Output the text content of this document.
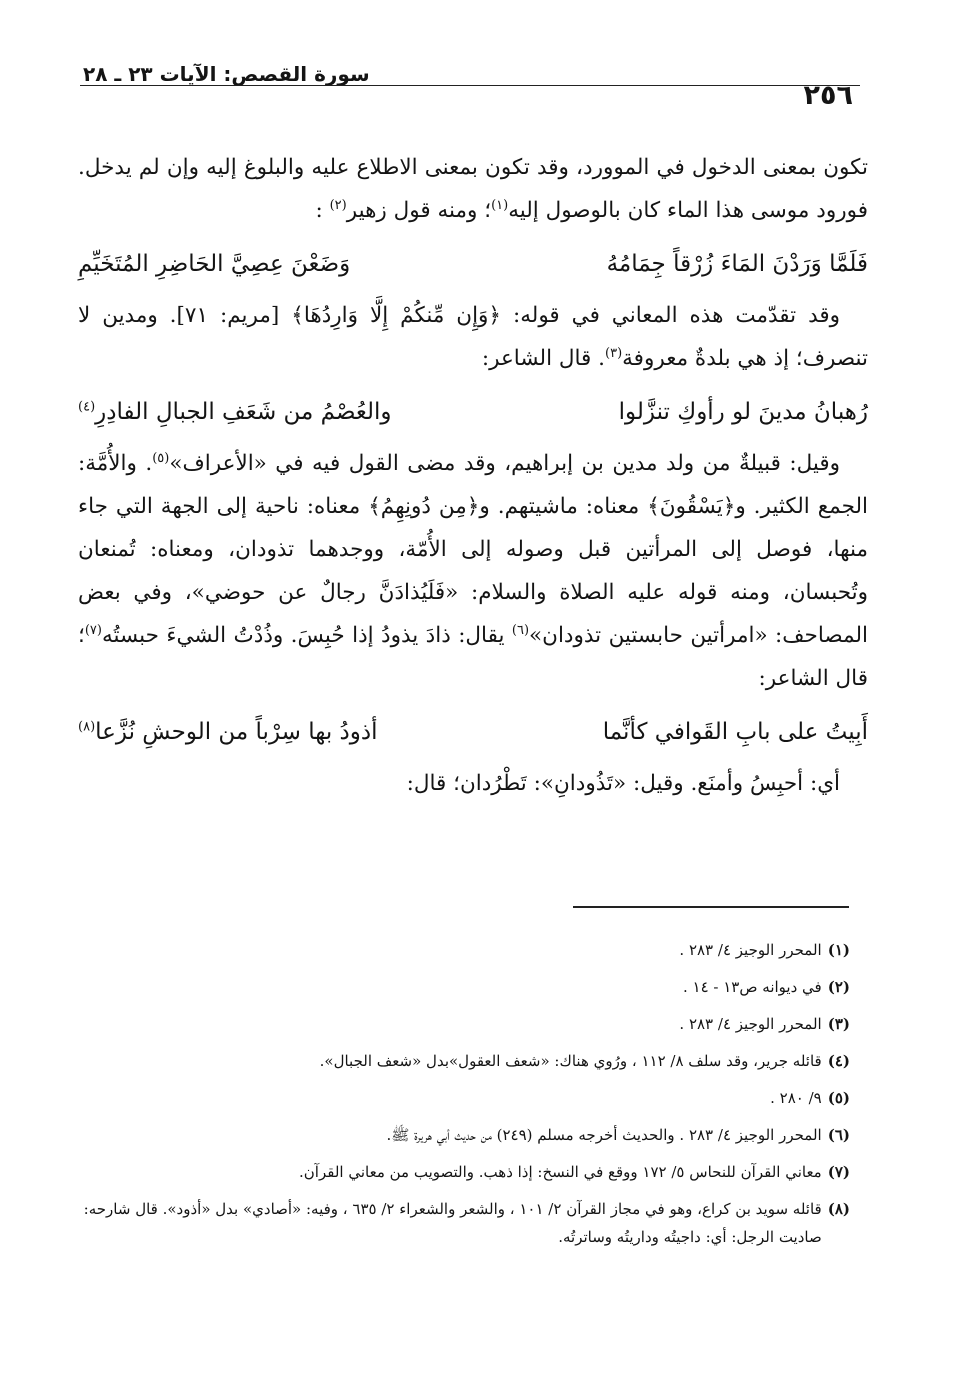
٢٥٦
سورة القصص: الآيات ٢٣ ـ ٢٨

تكون بمعنى الدخول في الموورد، وقد تكون بمعنى الاطلاع عليه والبلوغ إليه وإن لم يدخل. فورود موسى هذا الماء كان بالوصول إليه$^{(١)}$؛ ومنه قول زهير$^{(٢)}$ :

فَلَمَّا وَرَدْنَ المَاءَ زُرْقاً جِمَامُهُ
وَضَعْنَ عِصِيَّ الحَاضِرِ المُتَخَيِّمِ

وقد تقدّمت هذه المعاني في قوله: ﴿وَإِن مِّنكُمْ إِلَّا وَارِدُهَا﴾ [مريم: ٧١]. ومدين لا تنصرف؛ إذ هي بلدةٌ معروفة$^{(٣)}$. قال الشاعر:

رُهبانُ مدينَ لو رأوكِ تنزَّلوا
والعُصْمُ من شَعَفِ الجبالِ الفادِرِ$^{(٤)}$

وقيل: قبيلةٌ من ولد مدين بن إبراهيم، وقد مضى القول فيه في «الأعراف»$^{(٥)}$. والأُمَّة: الجمع الكثير. و﴿يَسْقُونَ﴾ معناه: ماشيتهم. و﴿مِن دُونِهِمُ﴾ معناه: ناحية إلى الجهة التي جاء منها، فوصل إلى المرأتين قبل وصوله إلى الأُمّة، ووجدهما تذودان، ومعناه: تُمنعان وتُحبسان، ومنه قوله عليه الصلاة والسلام: «فَلَيُذادَنَّ رجالٌ عن حوضي»، وفي بعض المصاحف: «امرأتين حابستين تذودان»$^{(٦)}$ يقال: ذادَ يذودُ إذا حُبِسَ. وذُدْتُ الشيءَ حبستُه$^{(٧)}$؛ قال الشاعر:

أَبِيتُ على بابِ القَوافي كأنَّما
أذودُ بها سِرْباً من الوحشِ نُزَّعا$^{(٨)}$

أي: أحبِسُ وأمنَع. وقيل: «تَذُودانِ»: تَطْرُدان؛ قال:

(١)
المحرر الوجيز ٤/ ٢٨٣ .
(٢)
في ديوانه ص١٣ - ١٤ .
(٣)
المحرر الوجيز ٤/ ٢٨٣ .
(٤)
قائله جرير، وقد سلف ٨/ ١١٢ ، ورُوي هناك: «شعف العقول»بدل «شعف الجبال».
(٥)
٩/ ٢٨٠ .
(٦)
المحرر الوجيز ٤/ ٢٨٣ . والحديث أخرجه مسلم (٢٤٩) من حديث أبي هريرة ﷺ.
(٧)
معاني القرآن للنحاس ٥/ ١٧٢ ووقع في النسخ: إذا ذهب. والتصويب من معاني القرآن.
(٨)
قائله سويد بن كراع، وهو في مجاز القرآن ٢/ ١٠١ ، والشعر والشعراء ٢/ ٦٣٥ ، وفيه: «أصادي» بدل «أذود». قال شارحه: صاديت الرجل: أي: داجيتُه وداريتُه وساترتُه.
